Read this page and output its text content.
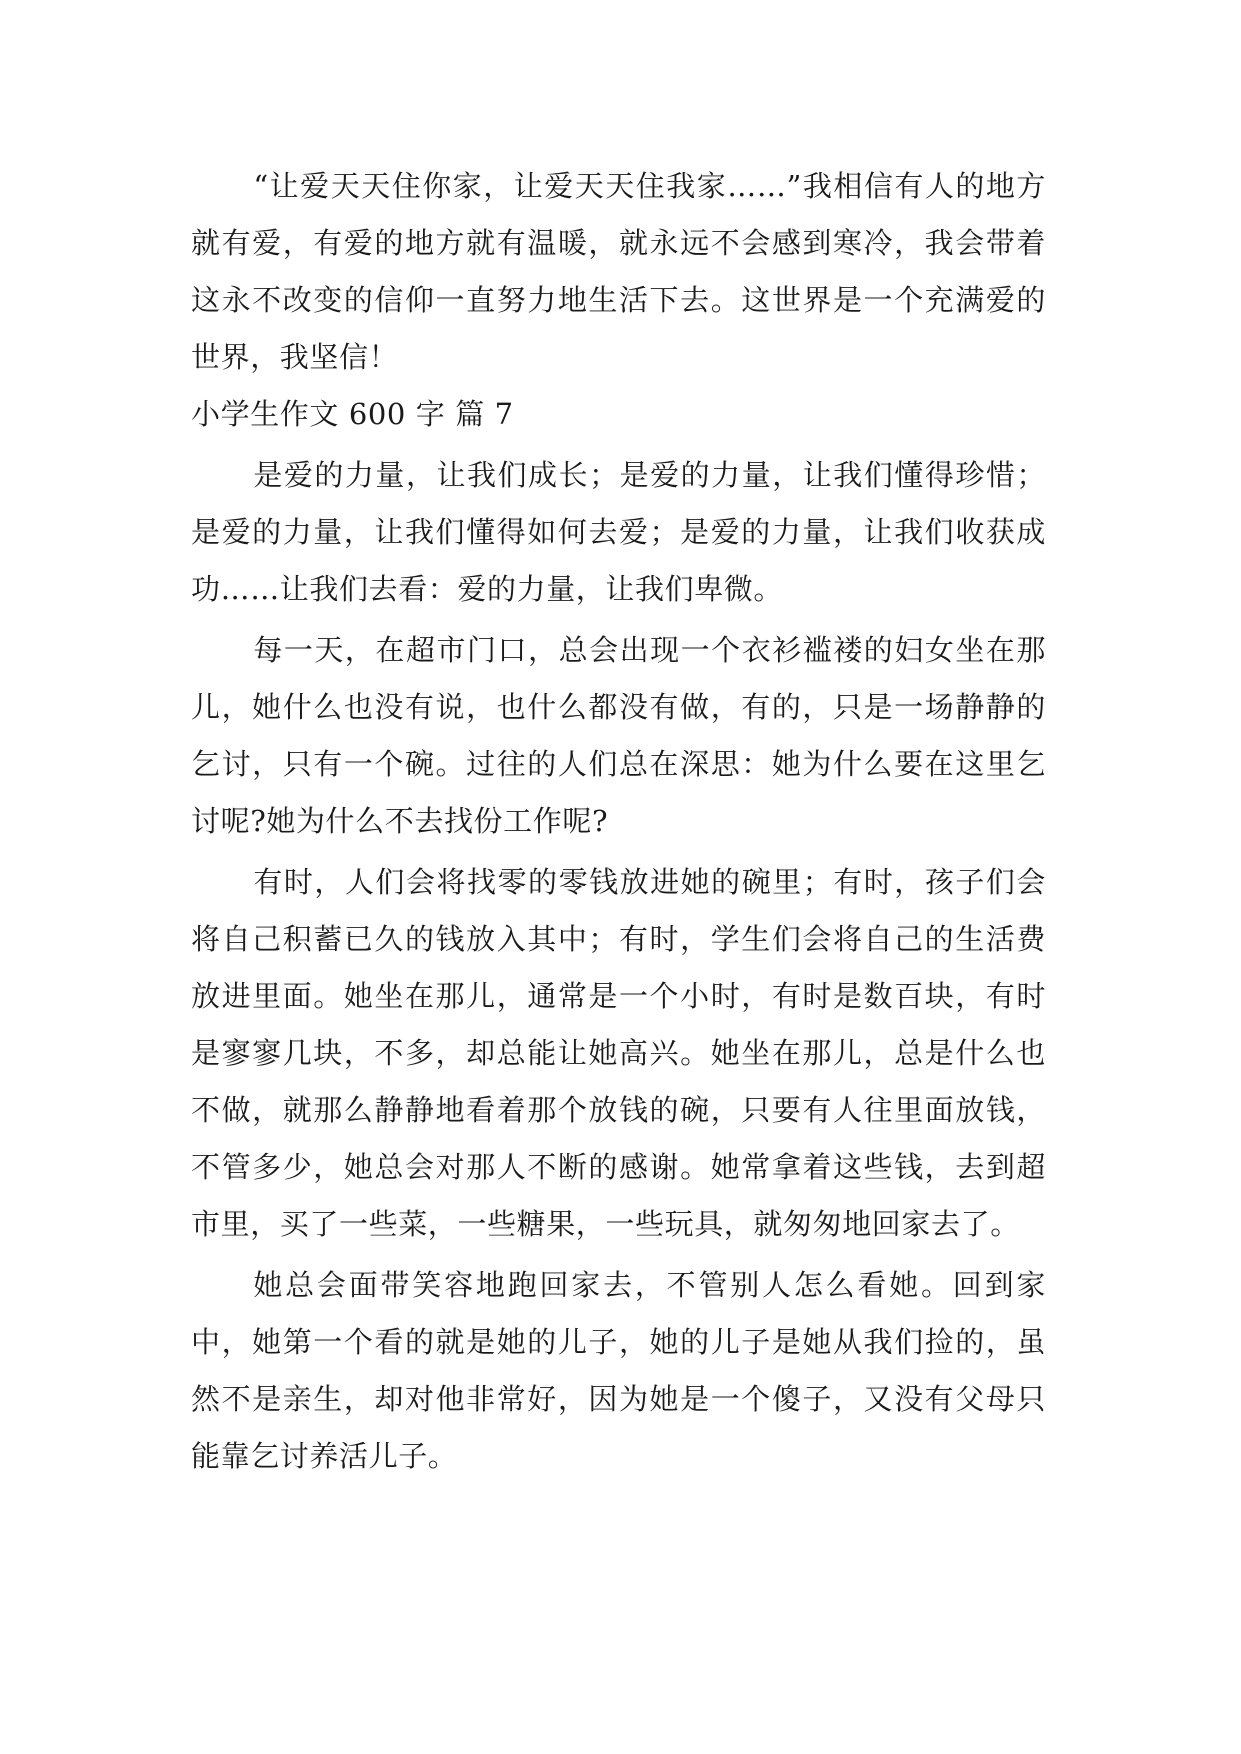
“让爱天天住你家，让爱天天住我家……”我相信有人的地方就有爱，有爱的地方就有温暖，就永远不会感到寒冷，我会带着这永不改变的信仰一直努力地生活下去。这世界是一个充满爱的世界，我坚信！

小学生作文 600 字 篇 7

是爱的力量，让我们成长；是爱的力量，让我们懂得珍惜；是爱的力量，让我们懂得如何去爱；是爱的力量，让我们收获成功……让我们去看：爱的力量，让我们卑微。

每一天，在超市门口，总会出现一个衣衫褴褛的妇女坐在那儿，她什么也没有说，也什么都没有做，有的，只是一场静静的乞讨，只有一个碗。过往的人们总在深思：她为什么要在这里乞讨呢?她为什么不去找份工作呢?

有时，人们会将找零的零钱放进她的碗里；有时，孩子们会将自己积蓄已久的钱放入其中；有时，学生们会将自己的生活费放进里面。她坐在那儿，通常是一个小时，有时是数百块，有时是寥寥几块，不多，却总能让她高兴。她坐在那儿，总是什么也不做，就那么静静地看着那个放钱的碗，只要有人往里面放钱，不管多少，她总会对那人不断的感谢。她常拿着这些钱，去到超市里，买了一些菜，一些糖果，一些玩具，就匆匆地回家去了。

她总会面带笑容地跑回家去，不管别人怎么看她。回到家中，她第一个看的就是她的儿子，她的儿子是她从我们捡的，虽然不是亲生，却对他非常好，因为她是一个傻子，又没有父母只能靠乞讨养活儿子。
